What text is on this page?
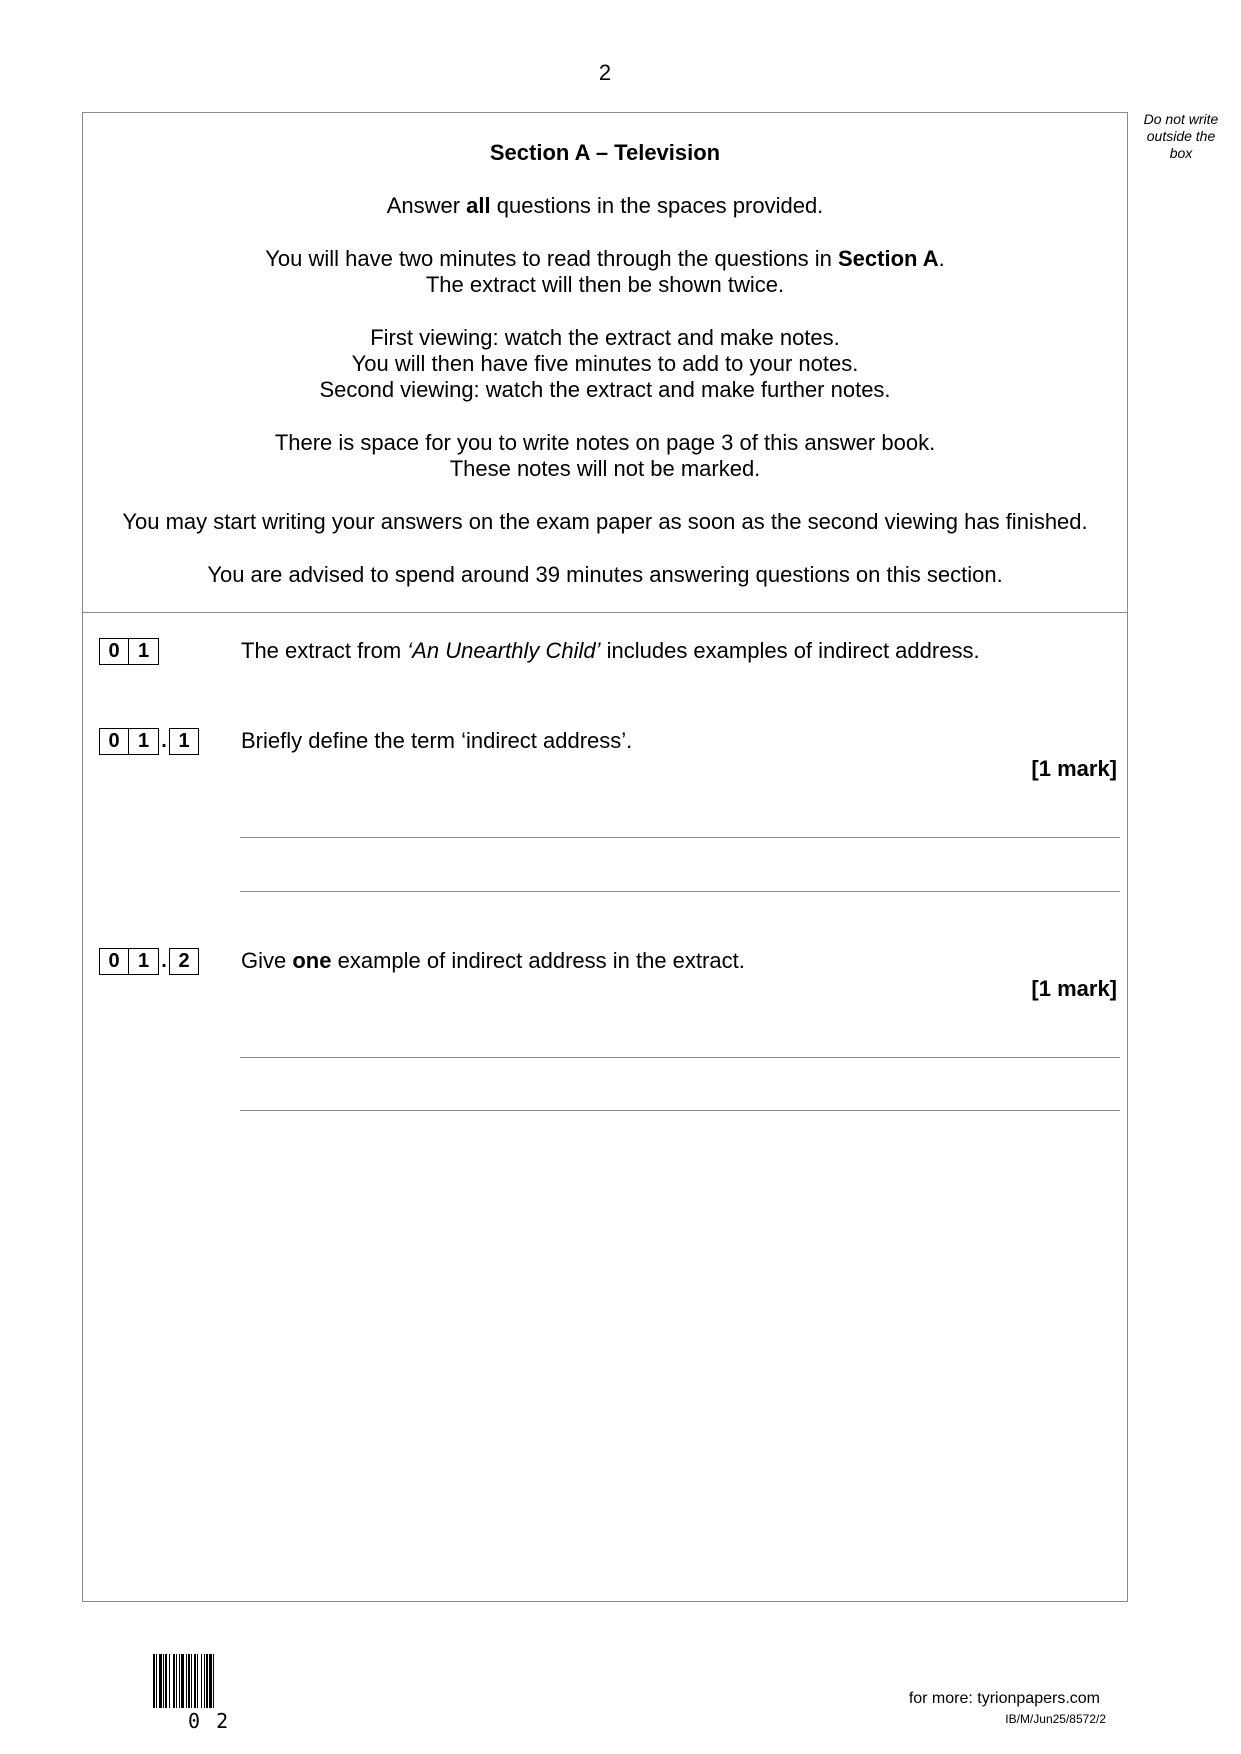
2
Do not write
outside the
box

Section A – Television

Answer all questions in the spaces provided.

You will have two minutes to read through the questions in Section A.

The extract will then be shown twice.

First viewing: watch the extract and make notes.

You will then have five minutes to add to your notes.

Second viewing: watch the extract and make further notes.

There is space for you to write notes on page 3 of this answer book.

These notes will not be marked.

You may start writing your answers on the exam paper as soon as the second viewing has finished.

You are advised to spend around 39 minutes answering questions on this section.

0 1	The extract from ‘An Unearthly Child’ includes examples of indirect address.
0 1 . 1	Briefly define the term ‘indirect address’.
[1 mark]
0 1 . 2	Give one example of indirect address in the extract.
[1 mark]
0 2
for more: tyrionpapers.com
IB/M/Jun25/8572/2
